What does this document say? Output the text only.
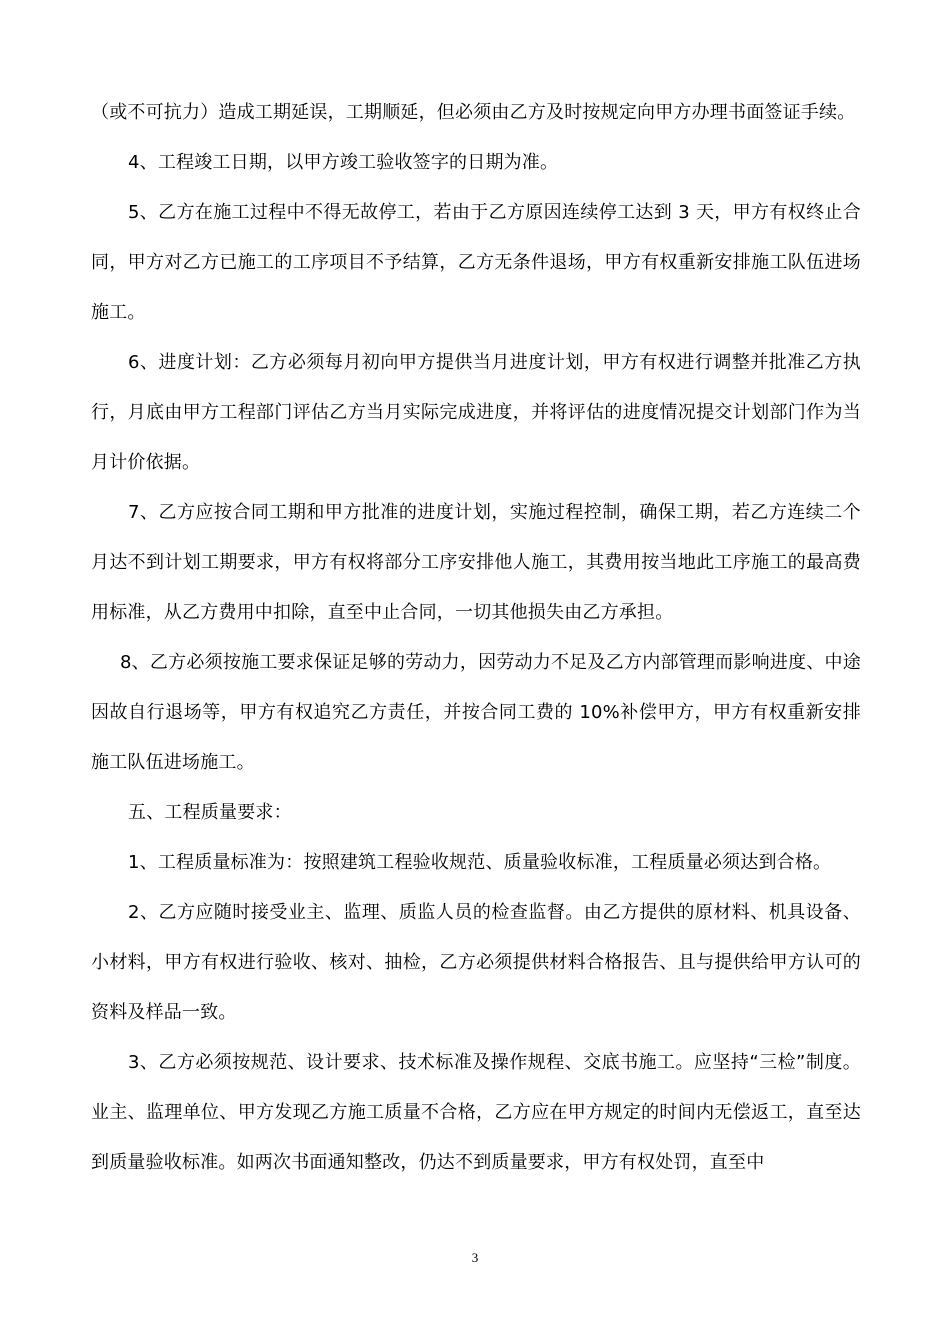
（或不可抗力）造成工期延误，工期顺延，但必须由乙方及时按规定向甲方办理书面签证手续。

4、工程竣工日期，以甲方竣工验收签字的日期为准。

5、乙方在施工过程中不得无故停工，若由于乙方原因连续停工达到 3 天，甲方有权终止合同，甲方对乙方已施工的工序项目不予结算，乙方无条件退场，甲方有权重新安排施工队伍进场施工。

6、进度计划：乙方必须每月初向甲方提供当月进度计划，甲方有权进行调整并批准乙方执行，月底由甲方工程部门评估乙方当月实际完成进度，并将评估的进度情况提交计划部门作为当月计价依据。

7、乙方应按合同工期和甲方批准的进度计划，实施过程控制，确保工期，若乙方连续二个月达不到计划工期要求，甲方有权将部分工序安排他人施工，其费用按当地此工序施工的最高费用标准，从乙方费用中扣除，直至中止合同，一切其他损失由乙方承担。

8、乙方必须按施工要求保证足够的劳动力，因劳动力不足及乙方内部管理而影响进度、中途因故自行退场等，甲方有权追究乙方责任，并按合同工费的 10%补偿甲方，甲方有权重新安排施工队伍进场施工。

五、工程质量要求：

1、工程质量标准为：按照建筑工程验收规范、质量验收标准，工程质量必须达到合格。

2、乙方应随时接受业主、监理、质监人员的检查监督。由乙方提供的原材料、机具设备、小材料，甲方有权进行验收、核对、抽检，乙方必须提供材料合格报告、且与提供给甲方认可的资料及样品一致。

3、乙方必须按规范、设计要求、技术标准及操作规程、交底书施工。应坚持“三检”制度。业主、监理单位、甲方发现乙方施工质量不合格，乙方应在甲方规定的时间内无偿返工，直至达到质量验收标准。如两次书面通知整改，仍达不到质量要求，甲方有权处罚，直至中

3
